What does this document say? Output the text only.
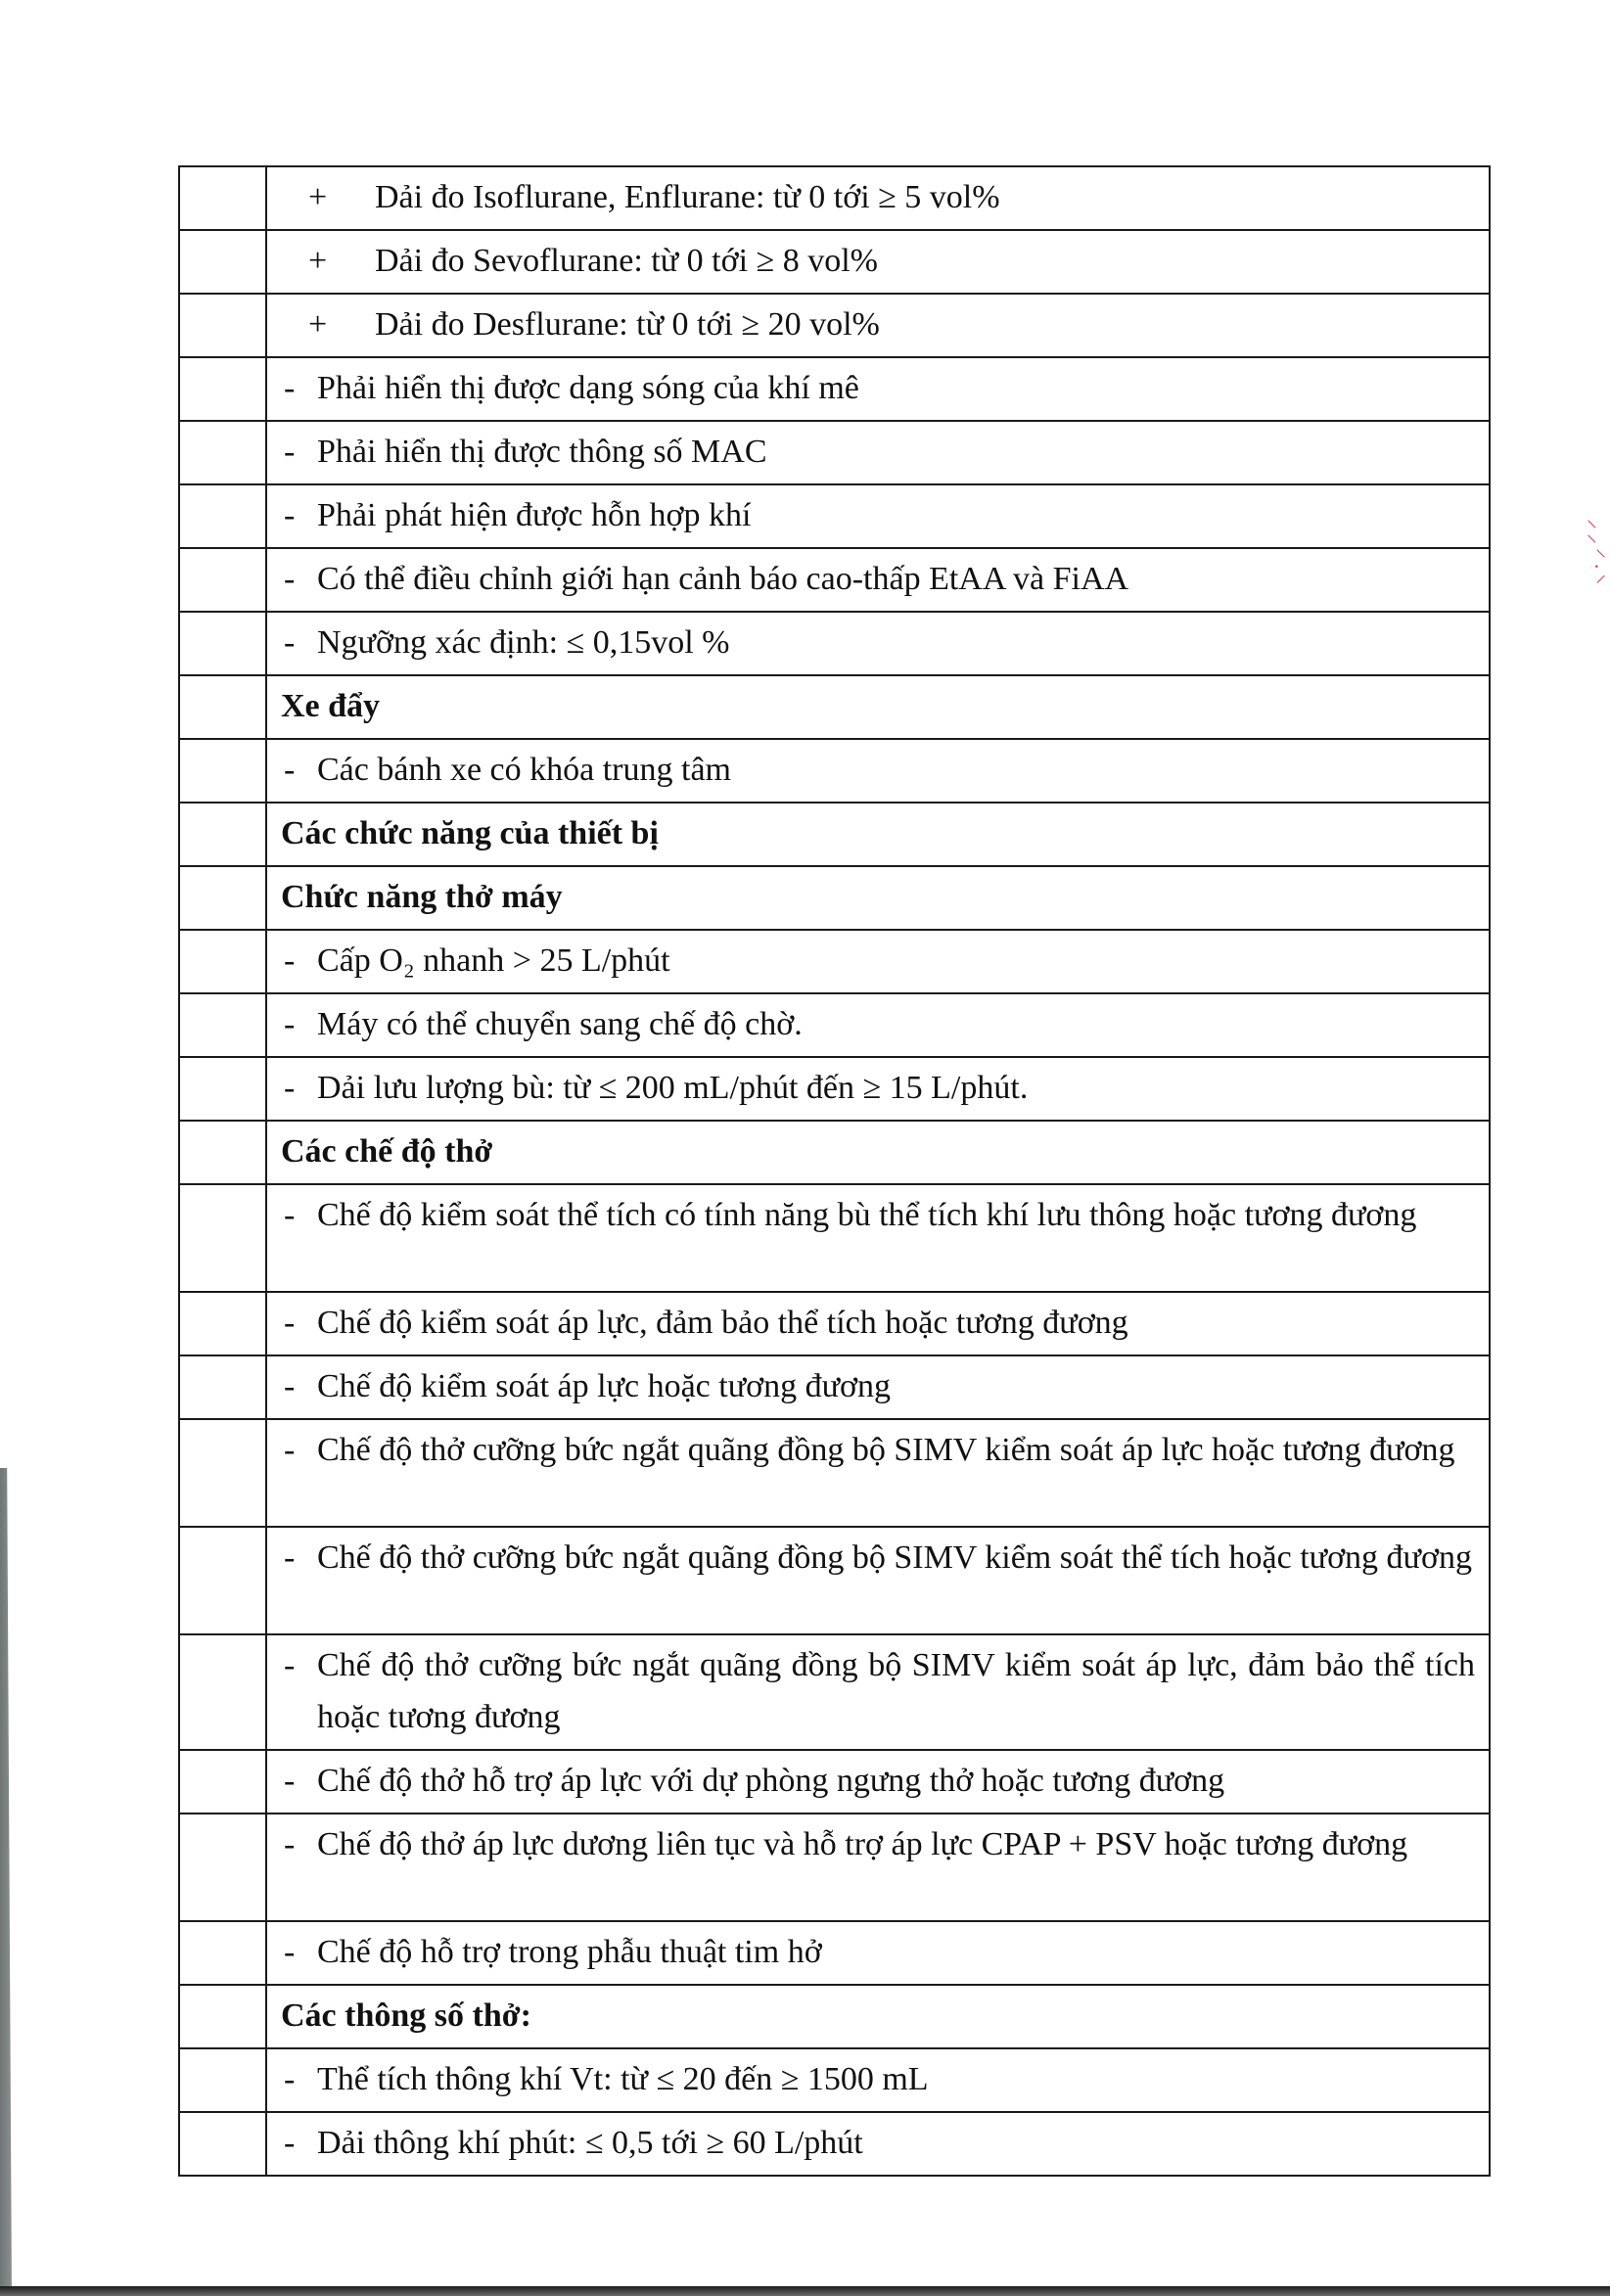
⸝⸝⸍·⸌

	+ Dải đo Isoflurane, Enflurane: từ 0 tới ≥ 5 vol%

	+ Dải đo Sevoflurane: từ 0 tới ≥ 8 vol%

	+ Dải đo Desflurane: từ 0 tới ≥ 20 vol%

	- Phải hiển thị được dạng sóng của khí mê

	- Phải hiển thị được thông số MAC

	- Phải phát hiện được hỗn hợp khí

	- Có thể điều chỉnh giới hạn cảnh báo cao-thấp EtAA và FiAA

	- Ngưỡng xác định: ≤ 0,15vol %

	Xe đẩy

	- Các bánh xe có khóa trung tâm

	Các chức năng của thiết bị

	Chức năng thở máy

	- Cấp O₂ nhanh > 25 L/phút

	- Máy có thể chuyển sang chế độ chờ.

	- Dải lưu lượng bù: từ ≤ 200 mL/phút đến ≥ 15 L/phút.

	Các chế độ thở

	- Chế độ kiểm soát thể tích có tính năng bù thể tích khí lưu thông hoặc tương đương

	- Chế độ kiểm soát áp lực, đảm bảo thể tích hoặc tương đương

	- Chế độ kiểm soát áp lực hoặc tương đương

	- Chế độ thở cưỡng bức ngắt quãng đồng bộ SIMV kiểm soát áp lực hoặc tương đương

	- Chế độ thở cưỡng bức ngắt quãng đồng bộ SIMV kiểm soát thể tích hoặc tương đương

	- Chế độ thở cưỡng bức ngắt quãng đồng bộ SIMV kiểm soát áp lực, đảm bảo thể tích hoặc tương đương

	- Chế độ thở hỗ trợ áp lực với dự phòng ngưng thở hoặc tương đương

	- Chế độ thở áp lực dương liên tục và hỗ trợ áp lực CPAP + PSV hoặc tương đương

	- Chế độ hỗ trợ trong phẫu thuật tim hở

	Các thông số thở:

	- Thể tích thông khí Vt: từ ≤ 20 đến ≥ 1500 mL

	- Dải thông khí phút: ≤ 0,5 tới ≥ 60 L/phút
